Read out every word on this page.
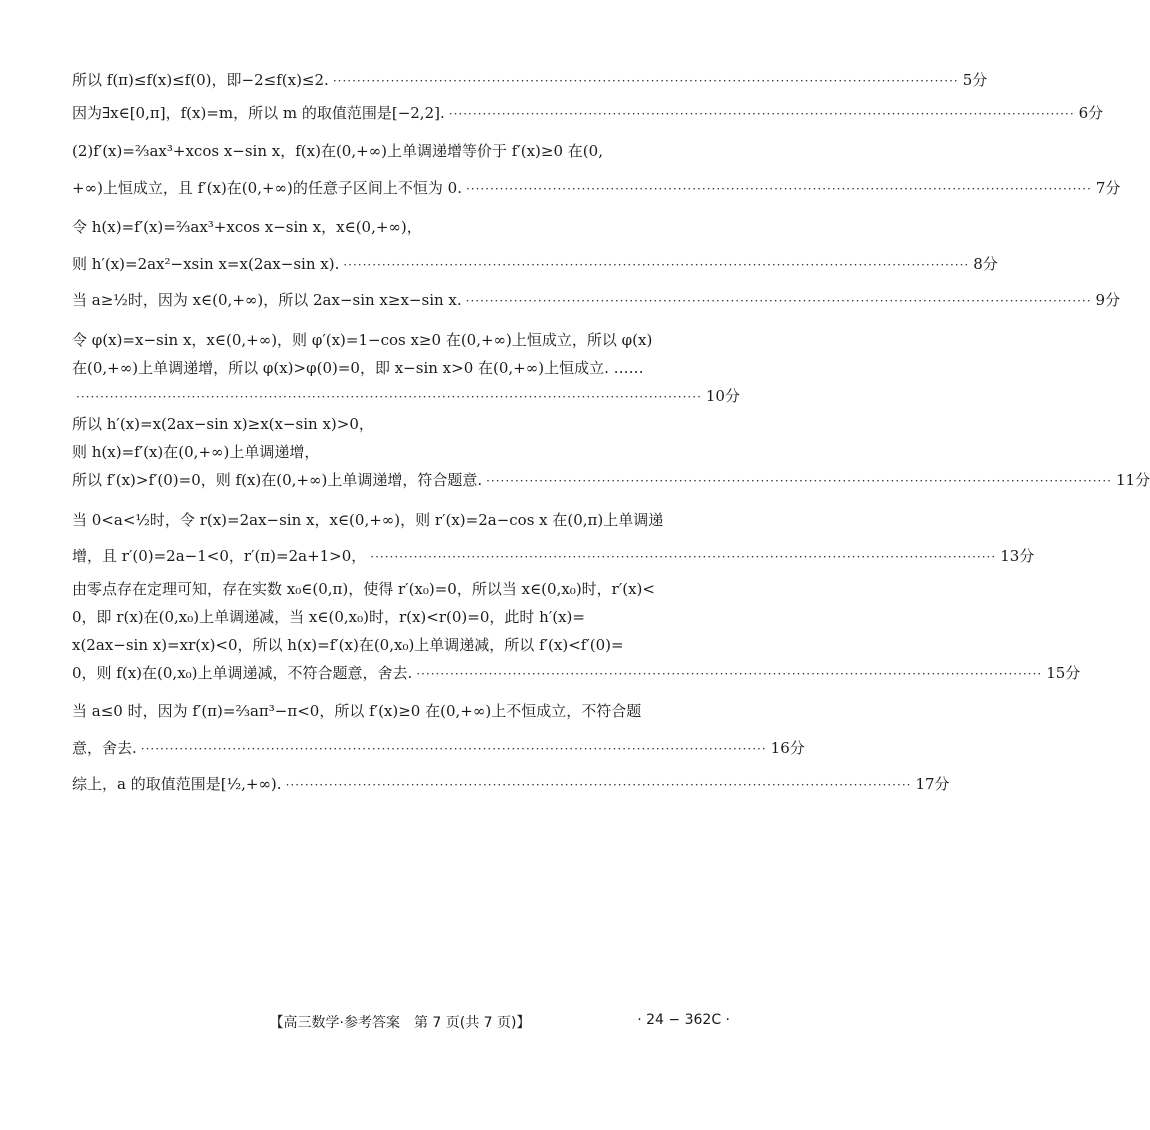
所以 f(π)≤f(x)≤f(0)，即−2≤f(x)≤2. ·································································································································· 5分
因为∃x∈[0,π]，f(x)=m，所以 m 的取值范围是[−2,2]. ·································································································································· 6分
(2)f′(x)=⅔ax³+xcos x−sin x，f(x)在(0,+∞)上单调递增等价于 f′(x)≥0 在(0,
+∞)上恒成立，且 f′(x)在(0,+∞)的任意子区间上不恒为 0. ·································································································································· 7分
令 h(x)=f′(x)=⅔ax³+xcos x−sin x，x∈(0,+∞)，
则 h′(x)=2ax²−xsin x=x(2ax−sin x). ·································································································································· 8分
当 a≥½时，因为 x∈(0,+∞)，所以 2ax−sin x≥x−sin x. ·································································································································· 9分
令 φ(x)=x−sin x，x∈(0,+∞)，则 φ′(x)=1−cos x≥0 在(0,+∞)上恒成立，所以 φ(x)
在(0,+∞)上单调递增，所以 φ(x)>φ(0)=0，即 x−sin x>0 在(0,+∞)上恒成立. ……
·································································································································· 10分
所以 h′(x)=x(2ax−sin x)≥x(x−sin x)>0，
则 h(x)=f′(x)在(0,+∞)上单调递增，
所以 f′(x)>f′(0)=0，则 f(x)在(0,+∞)上单调递增，符合题意. ·································································································································· 11分
当 0<a<½时，令 r(x)=2ax−sin x，x∈(0,+∞)，则 r′(x)=2a−cos x 在(0,π)上单调递
增，且 r′(0)=2a−1<0，r′(π)=2a+1>0， ·································································································································· 13分
由零点存在定理可知，存在实数 x₀∈(0,π)，使得 r′(x₀)=0，所以当 x∈(0,x₀)时，r′(x)<
0，即 r(x)在(0,x₀)上单调递减，当 x∈(0,x₀)时，r(x)<r(0)=0，此时 h′(x)=
x(2ax−sin x)=xr(x)<0，所以 h(x)=f′(x)在(0,x₀)上单调递减，所以 f′(x)<f′(0)=
0，则 f(x)在(0,x₀)上单调递减，不符合题意，舍去. ·································································································································· 15分
当 a≤0 时，因为 f′(π)=⅔aπ³−π<0，所以 f′(x)≥0 在(0,+∞)上不恒成立，不符合题
意，舍去. ·································································································································· 16分
综上，a 的取值范围是[½,+∞). ·································································································································· 17分
【高三数学·参考答案　第 7 页(共 7 页)】	· 24 − 362C ·
